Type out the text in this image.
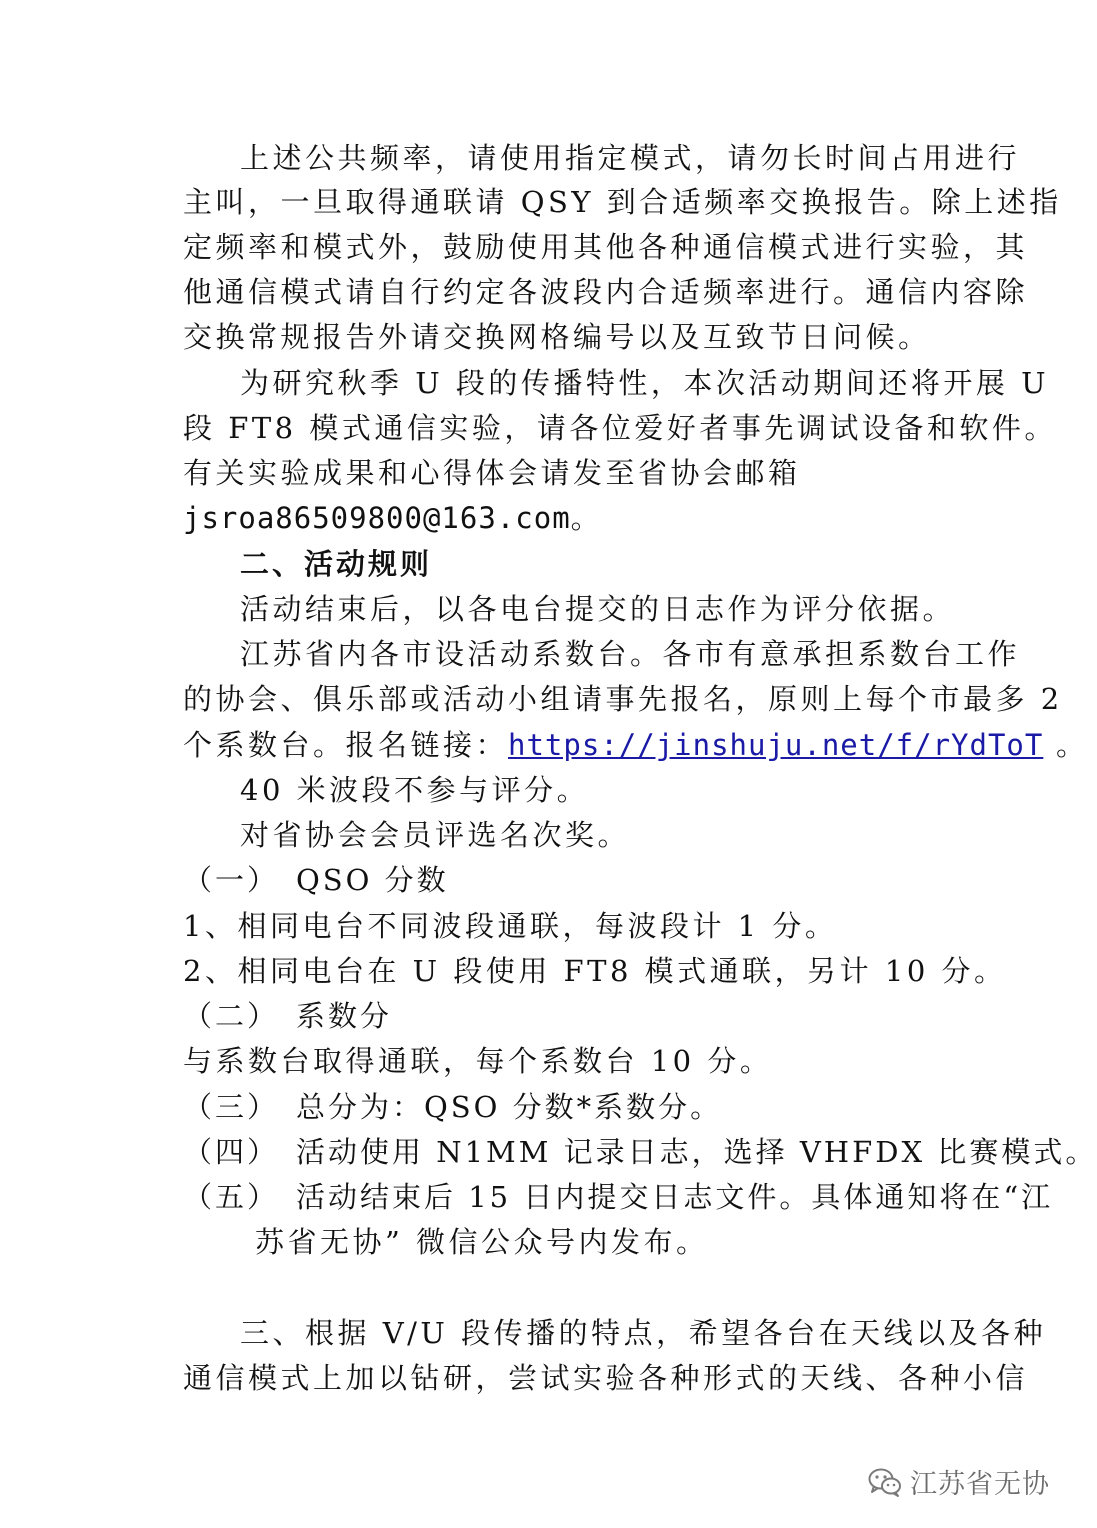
上述公共频率，请使用指定模式，请勿长时间占用进行
主叫，一旦取得通联请 QSY 到合适频率交换报告。除上述指
定频率和模式外，鼓励使用其他各种通信模式进行实验，其
他通信模式请自行约定各波段内合适频率进行。通信内容除
交换常规报告外请交换网格编号以及互致节日问候。
为研究秋季 U 段的传播特性，本次活动期间还将开展 U
段 FT8 模式通信实验，请各位爱好者事先调试设备和软件。
有关实验成果和心得体会请发至省协会邮箱
jsroa86509800@163.com。
二、活动规则
活动结束后，以各电台提交的日志作为评分依据。
江苏省内各市设活动系数台。各市有意承担系数台工作
的协会、俱乐部或活动小组请事先报名，原则上每个市最多 2
个系数台。报名链接：https://jinshuju.net/f/rYdToT 。
40 米波段不参与评分。
对省协会会员评选名次奖。
（一） QSO 分数
1、相同电台不同波段通联，每波段计 1 分。
2、相同电台在 U 段使用 FT8 模式通联，另计 10 分。
（二） 系数分
与系数台取得通联，每个系数台 10 分。
（三） 总分为：QSO 分数*系数分。
（四） 活动使用 N1MM 记录日志，选择 VHFDX 比赛模式。
（五） 活动结束后 15 日内提交日志文件。具体通知将在“江
苏省无协” 微信公众号内发布。
三、根据 V/U 段传播的特点，希望各台在天线以及各种
通信模式上加以钻研，尝试实验各种形式的天线、各种小信
江苏省无协
